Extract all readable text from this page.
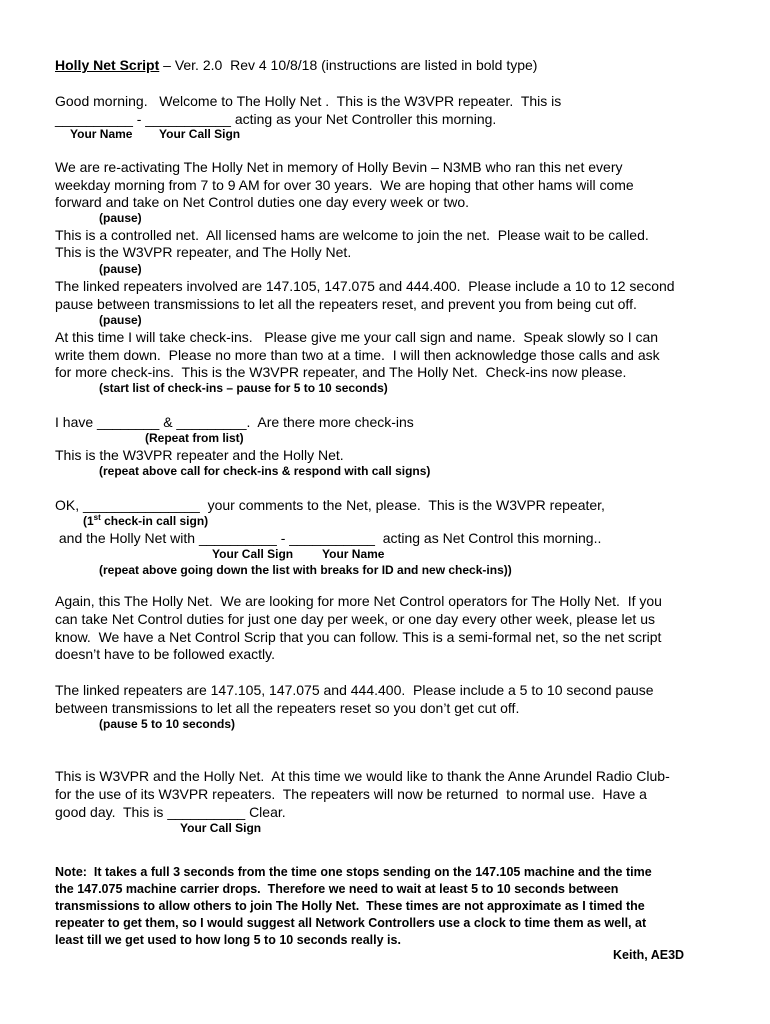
Holly Net Script – Ver. 2.0  Rev 4 10/8/18 (instructions are listed in bold type)
Good morning.   Welcome to The Holly Net .  This is the W3VPR repeater.  This is
__________ - ___________ acting as your Net Controller this morning.
Your Name Your Call Sign
We are re-activating The Holly Net in memory of Holly Bevin – N3MB who ran this net every
weekday morning from 7 to 9 AM for over 30 years.  We are hoping that other hams will come
forward and take on Net Control duties one day every week or two.
(pause)
This is a controlled net.  All licensed hams are welcome to join the net.  Please wait to be called.
This is the W3VPR repeater, and The Holly Net.
(pause)
The linked repeaters involved are 147.105, 147.075 and 444.400.  Please include a 10 to 12 second
pause between transmissions to let all the repeaters reset, and prevent you from being cut off.
(pause)
At this time I will take check-ins.   Please give me your call sign and name.  Speak slowly so I can
write them down.  Please no more than two at a time.  I will then acknowledge those calls and ask
for more check-ins.  This is the W3VPR repeater, and The Holly Net.  Check-ins now please.
(start list of check-ins – pause for 5 to 10 seconds)
I have ________ & _________.  Are there more check-ins
(Repeat from list)
This is the W3VPR repeater and the Holly Net.
(repeat above call for check-ins & respond with call signs)
OK, _______________  your comments to the Net, please.  This is the W3VPR repeater,
(1st check-in call sign)
and the Holly Net with __________ - ___________  acting as Net Control this morning..
Your Call Sign Your Name
(repeat above going down the list with breaks for ID and new check-ins))
Again, this The Holly Net.  We are looking for more Net Control operators for The Holly Net.  If you
can take Net Control duties for just one day per week, or one day every other week, please let us
know.  We have a Net Control Scrip that you can follow. This is a semi-formal net, so the net script
doesn’t have to be followed exactly.
The linked repeaters are 147.105, 147.075 and 444.400.  Please include a 5 to 10 second pause
between transmissions to let all the repeaters reset so you don’t get cut off.
(pause 5 to 10 seconds)
This is W3VPR and the Holly Net.  At this time we would like to thank the Anne Arundel Radio Club-
for the use of its W3VPR repeaters.  The repeaters will now be returned  to normal use.  Have a
good day.  This is __________ Clear.
Your Call Sign
Note:  It takes a full 3 seconds from the time one stops sending on the 147.105 machine and the time
the 147.075 machine carrier drops.  Therefore we need to wait at least 5 to 10 seconds between
transmissions to allow others to join The Holly Net.  These times are not approximate as I timed the
repeater to get them, so I would suggest all Network Controllers use a clock to time them as well, at
least till we get used to how long 5 to 10 seconds really is.
Keith, AE3D
